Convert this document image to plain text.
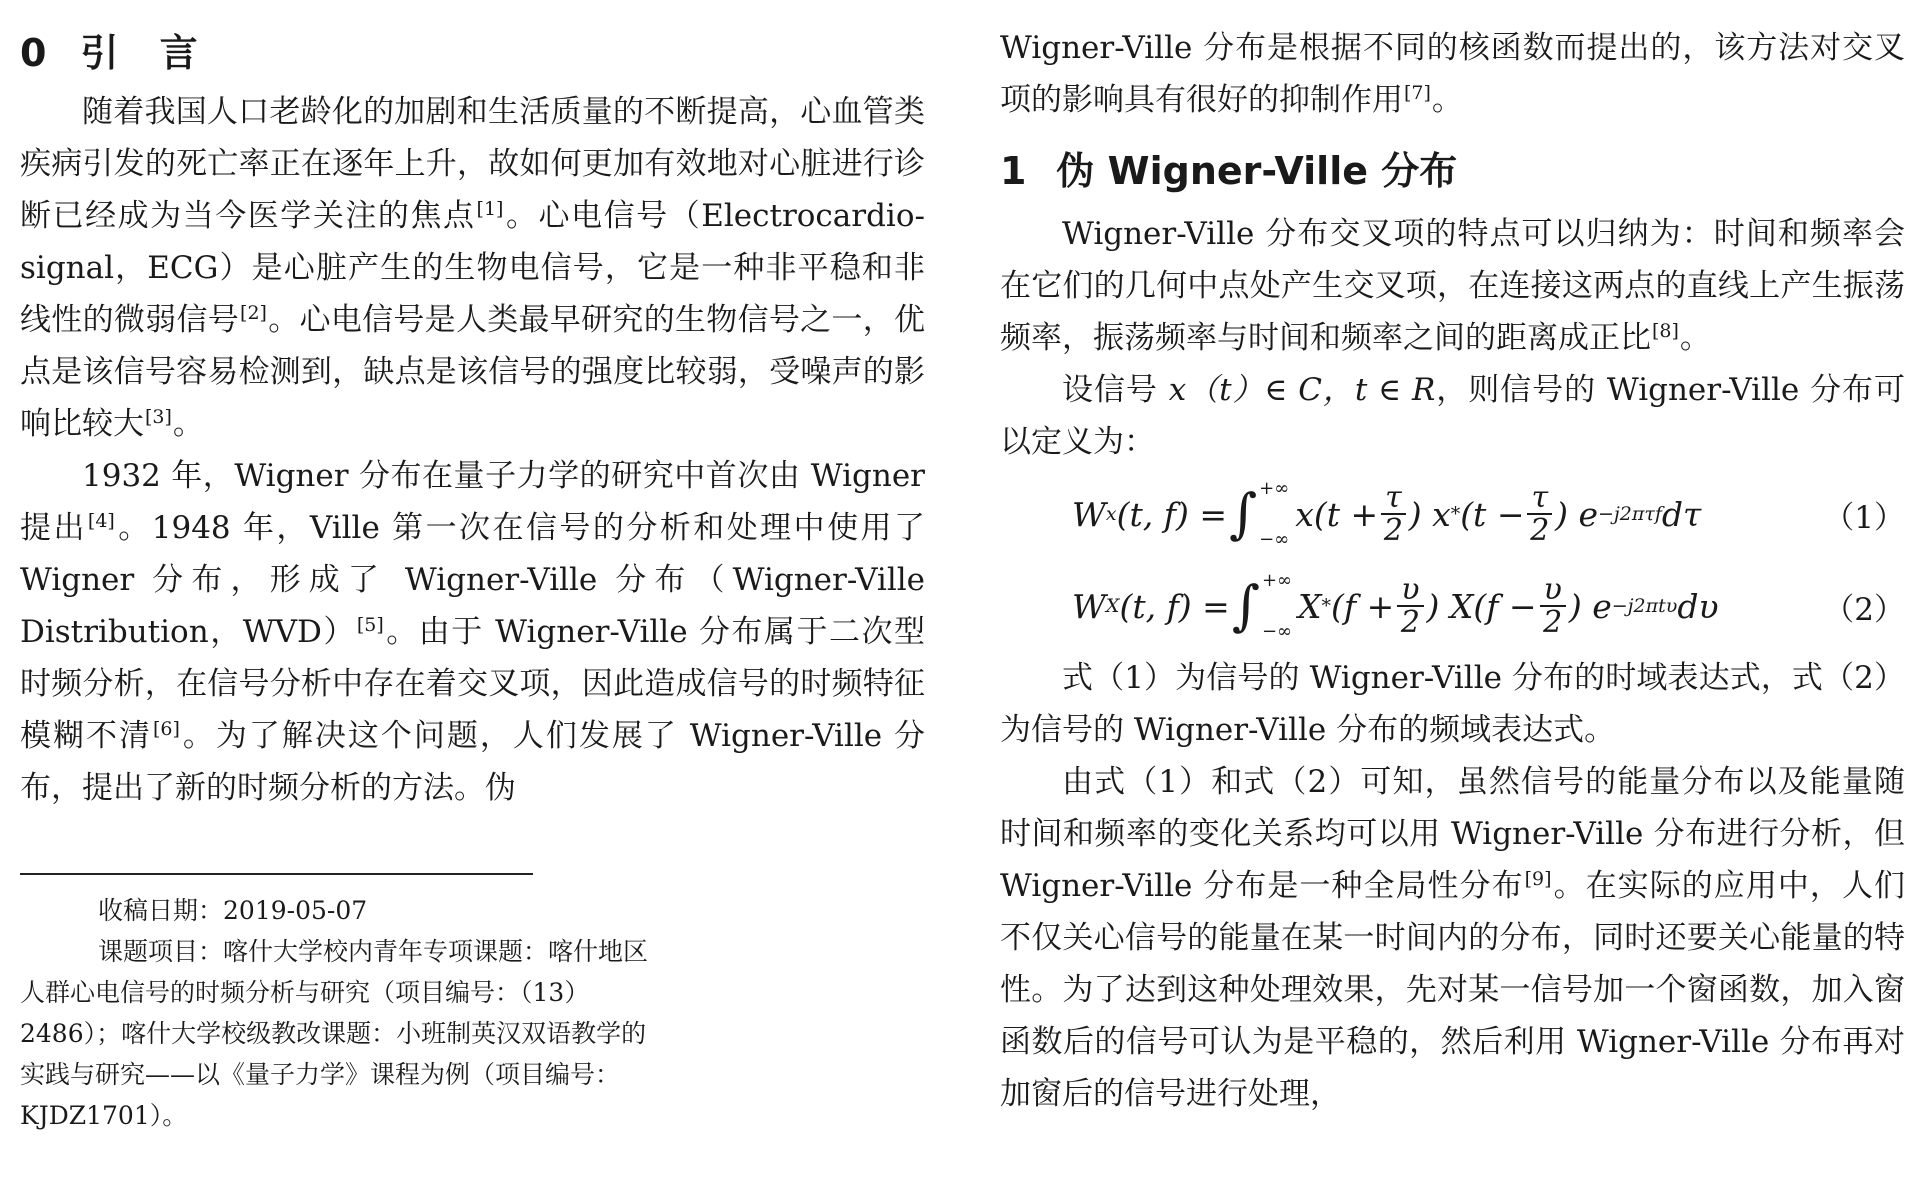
0 引 言

随着我国人口老龄化的加剧和生活质量的不断提高，心血管类疾病引发的死亡率正在逐年上升，故如何更加有效地对心脏进行诊断已经成为当今医学关注的焦点[1]。心电信号（Electrocardio-signal，ECG）是心脏产生的生物电信号，它是一种非平稳和非线性的微弱信号[2]。心电信号是人类最早研究的生物信号之一，优点是该信号容易检测到，缺点是该信号的强度比较弱，受噪声的影响比较大[3]。

1932 年，Wigner 分布在量子力学的研究中首次由 Wigner 提出[4]。1948 年，Ville 第一次在信号的分析和处理中使用了 Wigner 分布，形成了 Wigner-Ville 分布（Wigner-Ville Distribution，WVD）[5]。由于 Wigner-Ville 分布属于二次型时频分析，在信号分析中存在着交叉项，因此造成信号的时频特征模糊不清[6]。为了解决这个问题，人们发展了 Wigner-Ville 分布，提出了新的时频分析的方法。伪

收稿日期：2019-05-07

课题项目：喀什大学校内青年专项课题：喀什地区人群心电信号的时频分析与研究（项目编号：（13）2486）；喀什大学校级教改课题：小班制英汉双语教学的实践与研究——以《量子力学》课程为例（项目编号：KJDZ1701）。

Wigner-Ville 分布是根据不同的核函数而提出的，该方法对交叉项的影响具有很好的抑制作用[7]。

1 伪 Wigner-Ville 分布

Wigner-Ville 分布交叉项的特点可以归纳为：时间和频率会在它们的几何中点处产生交叉项，在连接这两点的直线上产生振荡频率，振荡频率与时间和频率之间的距离成正比[8]。

设信号 x（t）∈ C，t ∈ R，则信号的 Wigner-Ville 分布可以定义为：

W x (t, f) = ∫ +∞
−∞
$x(t + \frac{\tau}{2}$ ) $x * (t - \frac{\tau}{2}$ ) e −j2πτf dτ	（1）
W X (t, f) = ∫ +∞
−∞
$X * (f + \frac{\upsilon}{2}$ ) $X(f - \frac{\upsilon}{2}$ ) e −j2πtυ dυ	（2）

式（1）为信号的 Wigner-Ville 分布的时域表达式，式（2）为信号的 Wigner-Ville 分布的频域表达式。

由式（1）和式（2）可知，虽然信号的能量分布以及能量随时间和频率的变化关系均可以用 Wigner-Ville 分布进行分析，但 Wigner-Ville 分布是一种全局性分布[9]。在实际的应用中，人们不仅关心信号的能量在某一时间内的分布，同时还要关心能量的特性。为了达到这种处理效果，先对某一信号加一个窗函数，加入窗函数后的信号可认为是平稳的，然后利用 Wigner-Ville 分布再对加窗后的信号进行处理，
